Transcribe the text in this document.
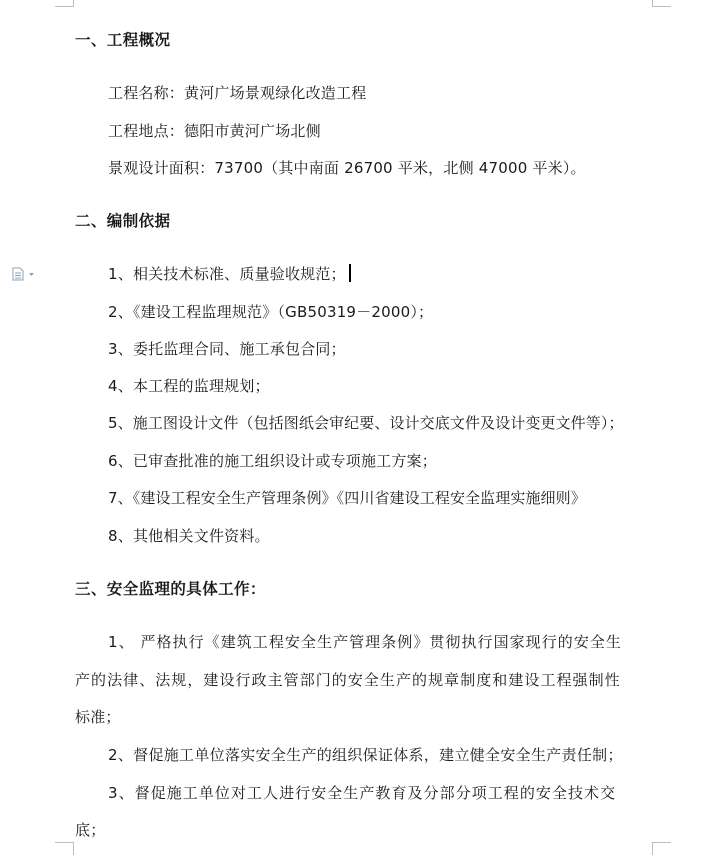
一、工程概况
工程名称：黄河广场景观绿化改造工程
工程地点：德阳市黄河广场北侧
景观设计面积：73700（其中南面 26700 平米，北侧 47000 平米）。
二、编制依据
1、相关技术标准、质量验收规范；
2、《建设工程监理规范》（GB50319－2000）；
3、委托监理合同、施工承包合同；
4、本工程的监理规划；
5、施工图设计文件（包括图纸会审纪要、设计交底文件及设计变更文件等）；
6、已审查批准的施工组织设计或专项施工方案；
7、《建设工程安全生产管理条例》《四川省建设工程安全监理实施细则》
8、其他相关文件资料。
三、安全监理的具体工作：
1、 严格执行《建筑工程安全生产管理条例》贯彻执行国家现行的安全生
产的法律、法规，建设行政主管部门的安全生产的规章制度和建设工程强制性
标准；
2、督促施工单位落实安全生产的组织保证体系，建立健全安全生产责任制；
3、督促施工单位对工人进行安全生产教育及分部分项工程的安全技术交
底；
